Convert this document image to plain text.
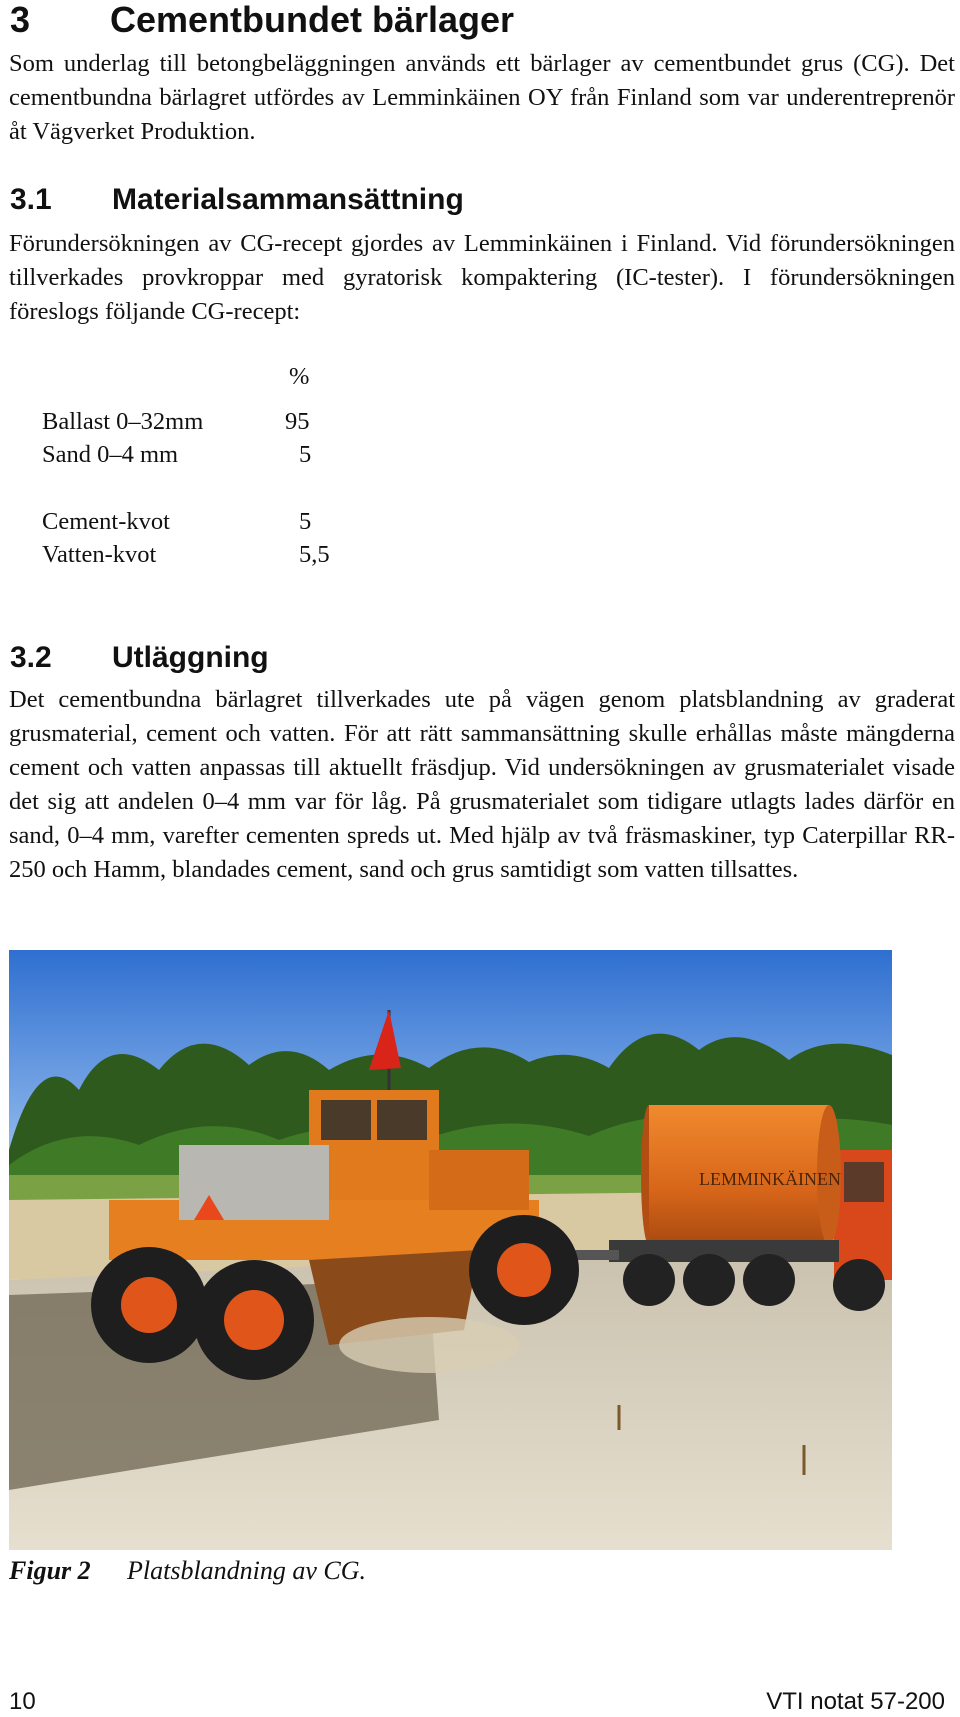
3 Cementbundet bärlager
Som underlag till betongbeläggningen används ett bärlager av cementbundet grus (CG). Det cementbundna bärlagret utfördes av Lemminkäinen OY från Finland som var underentreprenör åt Vägverket Produktion.
3.1 Materialsammansättning
Förundersökningen av CG-recept gjordes av Lemminkäinen i Finland. Vid förundersökningen tillverkades provkroppar med gyratorisk kompaktering (IC-tester). I förundersökningen föreslogs följande CG-recept:
%
Ballast 0–32mm	95
Sand 0–4 mm	5
Cement-kvot	5
Vatten-kvot	5,5
3.2 Utläggning
Det cementbundna bärlagret tillverkades ute på vägen genom platsblandning av graderat grusmaterial, cement och vatten. För att rätt sammansättning skulle erhållas måste mängderna cement och vatten anpassas till aktuellt fräsdjup. Vid undersökningen av grusmaterialet visade det sig att andelen 0–4 mm var för låg. På grusmaterialet som tidigare utlagts lades därför en sand, 0–4 mm, varefter cementen spreds ut. Med hjälp av två fräsmaskiner, typ Caterpillar RR-250 och Hamm, blandades cement, sand och grus samtidigt som vatten tillsattes.
LEMMINKÄINEN
Figur 2 Platsblandning av CG.
10	VTI notat 57-200
